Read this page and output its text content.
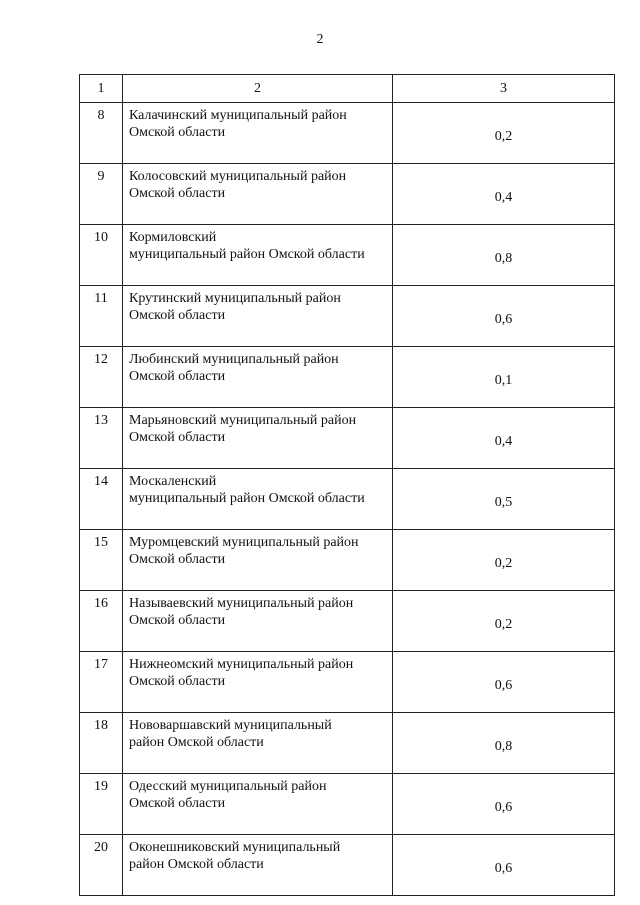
2
1	2	3
8	Калачинский муниципальный район
Омской области	0,2
9	Колосовский муниципальный район
Омской области	0,4
10	Кормиловский
муниципальный район Омской области	0,8
11	Крутинский муниципальный район
Омской области	0,6
12	Любинский муниципальный район
Омской области	0,1
13	Марьяновский муниципальный район
Омской области	0,4
14	Москаленский
муниципальный район Омской области	0,5
15	Муромцевский муниципальный район
Омской области	0,2
16	Называевский муниципальный район
Омской области	0,2
17	Нижнеомский муниципальный район
Омской области	0,6
18	Нововаршавский муниципальный
район Омской области	0,8
19	Одесский муниципальный район
Омской области	0,6
20	Оконешниковский муниципальный
район Омской области	0,6
